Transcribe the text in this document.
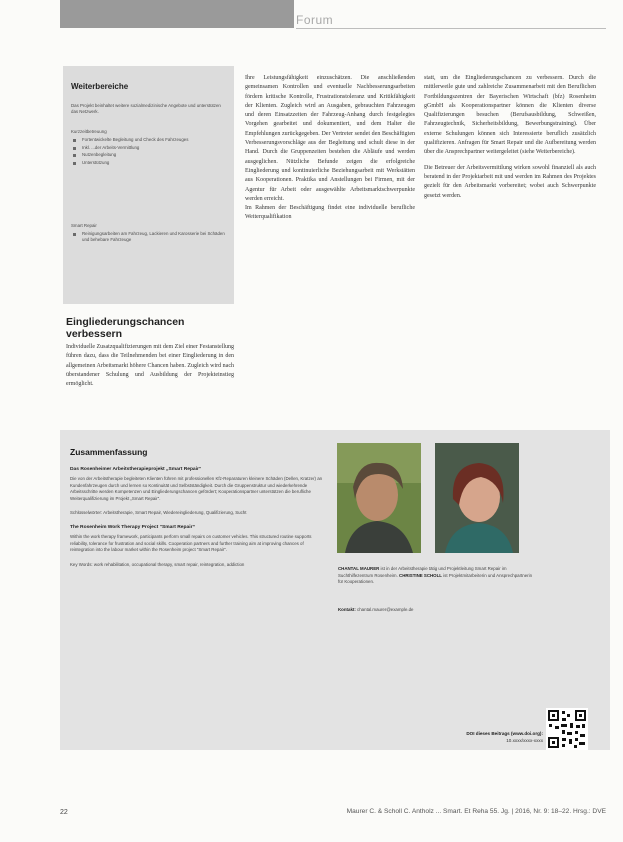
Forum
Weiterbereiche
Das Projekt beinhaltet weitere sozialmedizinische Angebote und unterstützen das Netzwerk.
Kurzzeitbetreuung
Fortentwickelte Begleitung und Check des Fahrzeuges
Inkl. ...der Arbeits-Vermittlung
Nutzenbegleitung
Unterstützung
Smart Repair
Reinigungsarbeiten am Fahrzeug, Lackieren und Karosserie bei Schäden und behebare Fahrzeuge
Eingliederungschancen verbessern

Individuelle Zusatzqualifizierungen mit dem Ziel einer Festanstellung führen dazu, dass die Teilnehmenden bei einer Eingliederung in den allgemeinen Arbeitsmarkt höhere Chancen haben. Zugleich wird nach überstandener Schulung und Ausbildung der Projekteinstieg ermöglicht.

Ihre Leistungsfähigkeit einzuschätzen. Die anschließenden gemeinsamen Kontrollen und eventuelle Nachbesserungsarbeiten fördern kritische Kontrolle, Frustrationstoleranz und Kritikfähigkeit der Klienten. Zugleich wird an Ausgaben, gebrauchten Fahrzeugen und deren Einsatzzeiten der Fahrzeug-Anhang durch festgelegtes Vorgehen gearbeitet und dokumentiert, und dem Halter die Empfehlungen zurückgegeben. Der Vertreter sendet den Beschäftigten Verbesserungsvorschläge aus der Begleitung und schult diese in der Hand. Durch die Gruppenzeiten bestehen die Abläufe und werden ausgeglichen. Nützliche Befunde zeigen die erfolgreiche Eingliederung und kontinuierliche Beziehungsarbeit mit Werkstätten aus Kooperationen. Praktika und Anstellungen bei Firmen, mit der Agentur für Arbeit oder ausgewählte Arbeitsmarktschwerpunkte werden erreicht.

Im Rahmen der Beschäftigung findet eine individuelle berufliche Weiterqualifikation

statt, um die Eingliederungschancen zu verbessern. Durch die mittlerweile gute und zahlreiche Zusammenarbeit mit den Beruflichen Fortbildungszentren der Bayerischen Wirtschaft (bfz) Rosenheim gGmbH als Kooperationspartner können die Klienten diverse Qualifizierungen besuchen (Berufsausbildung, Schweißen, Fahrzeugtechnik, Sicherheitsbildung, Bewerbungstraining). Über externe Schulungen können sich Interessierte beruflich zusätzlich qualifizieren. Anfragen für Smart Repair und die Aufbereitung werden über die Ansprechpartner weitergeleitet (siehe Weiterbereiche).

Die Betreuer der Arbeitsvermittlung wirken sowohl finanziell als auch beratend in der Projektarbeit mit und werden im Rahmen des Projektes gezielt für den Arbeitsmarkt vorbereitet; wobei auch Schwerpunkte gesetzt werden.

Zusammenfassung

Das Rosenheimer Arbeitstherapieprojekt „Smart Repair“

Die von der Arbeitstherapie begleiteten Klienten führen mit professionellen Kfz-Reparaturen kleinere Schäden (Dellen, Kratzer) an Kundenfahrzeugen durch und lernen so Kontinuität und Selbstständigkeit. Durch die Gruppenstruktur und wiederkehrende Arbeitsschritte werden Kompetenzen und Eingliederungschancen gefördert; Kooperationspartner unterstützen die berufliche Weiterqualifizierung im Projekt „Smart Repair“.

Schlüsselwörter: Arbeitstherapie, Smart Repair, Wiedereingliederung, Qualifizierung, Sucht

The Rosenheim Work Therapy Project “Smart Repair”

Within the work therapy framework, participants perform small repairs on customer vehicles. This structured routine supports reliability, tolerance for frustration and social skills. Cooperation partners and further training aim at improving chances of reintegration into the labour market within the Rosenheim project “Smart Repair”.

Key Words: work rehabilitation, occupational therapy, smart repair, reintegration, addiction

CHANTAL MAURER ist in der Arbeitstherapie tätig und Projektleitung Smart Repair im Suchthilfezentrum Rosenheim. CHRISTINE SCHOLL ist Projektmitarbeiterin und Ansprechpartnerin für Kooperationen.

Kontakt: chantal.maurer@example.de

DOI dieses Beitrags (www.doi.org):
10.xxxx/xxxx-xxxx
22	Maurer C. & Scholl C. Antholz ... Smart. Et Reha 55. Jg. | 2016, Nr. 9: 18–22. Hrsg.: DVE
